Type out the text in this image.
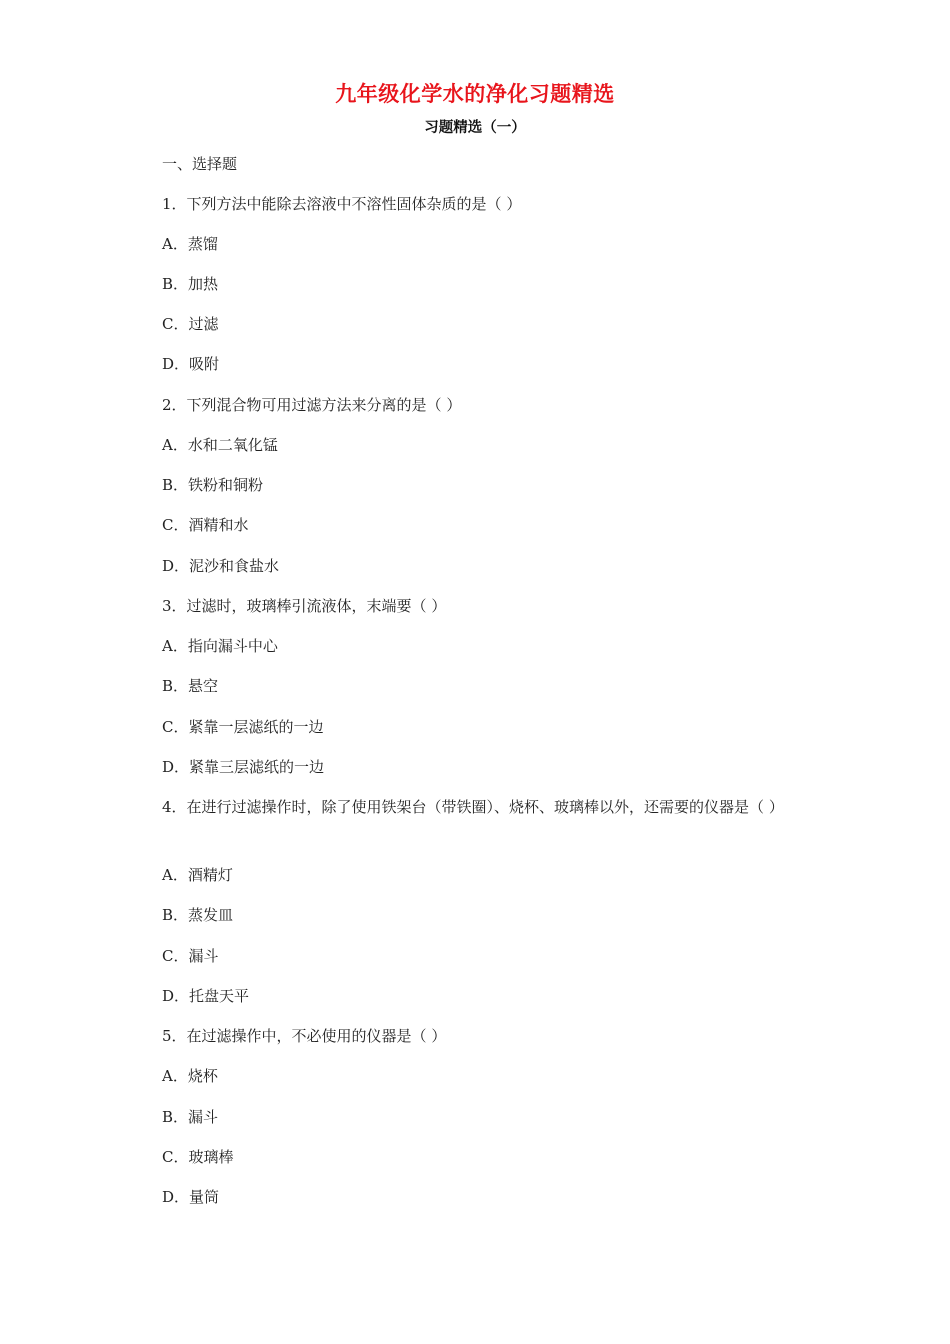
九年级化学水的净化习题精选
习题精选（一）
一、选择题
1．下列方法中能除去溶液中不溶性固体杂质的是（ ）
A．蒸馏
B．加热
C．过滤
D．吸附
2．下列混合物可用过滤方法来分离的是（ ）
A．水和二氧化锰
B．铁粉和铜粉
C．酒精和水
D．泥沙和食盐水
3．过滤时，玻璃棒引流液体，末端要（ ）
A．指向漏斗中心
B．悬空
C．紧靠一层滤纸的一边
D．紧靠三层滤纸的一边
4．在进行过滤操作时，除了使用铁架台（带铁圈）、烧杯、玻璃棒以外，还需要的仪器是（ ）
A．酒精灯
B．蒸发皿
C．漏斗
D．托盘天平
5．在过滤操作中，不必使用的仪器是（ ）
A．烧杯
B．漏斗
C．玻璃棒
D．量筒
